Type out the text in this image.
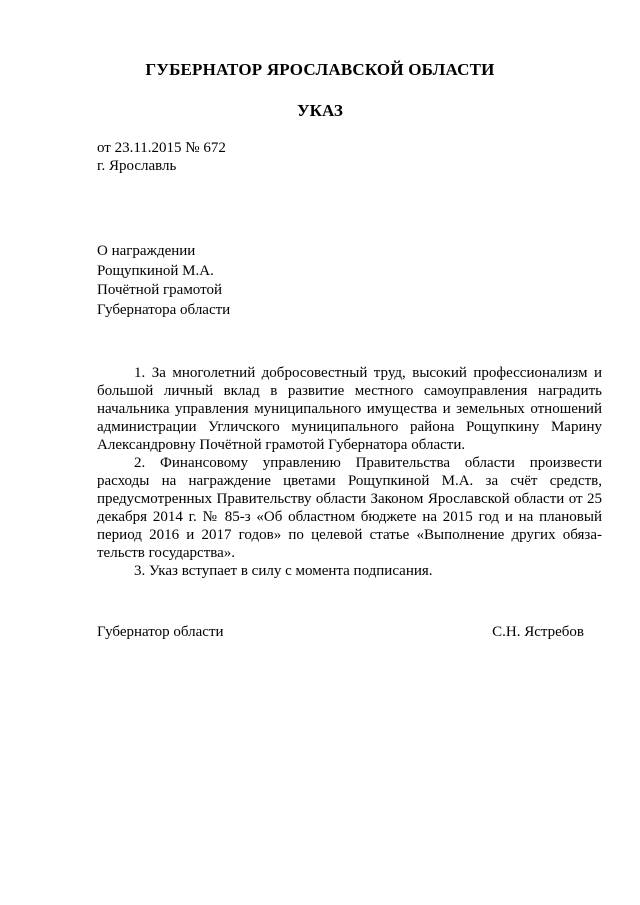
ГУБЕРНАТОР ЯРОСЛАВСКОЙ ОБЛАСТИ
УКАЗ
от 23.11.2015 № 672
г. Ярославль
О награждении
Рощупкиной М.А.
Почётной грамотой
Губернатора области

1. За многолетний добросовестный труд, высокий профессионализм и большой личный вклад в развитие местного самоуправления наградить начальника управления муниципального имущества и земельных отношений администрации Угличского муниципального района Рощупкину Марину Александровну Почётной грамотой Губернатора области.

2. Финансовому управлению Правительства области произвести расходы на награждение цветами Рощупкиной М.А. за счёт средств, предусмотренных Правительству области Законом Ярославской области от 25 декабря 2014 г. № 85-з «Об областном бюджете на 2015 год и на плановый период 2016 и 2017 годов» по целевой статье «Выполнение других обязательств государства».

3. Указ вступает в силу с момента подписания.

Губернатор области	С.Н. Ястребов
